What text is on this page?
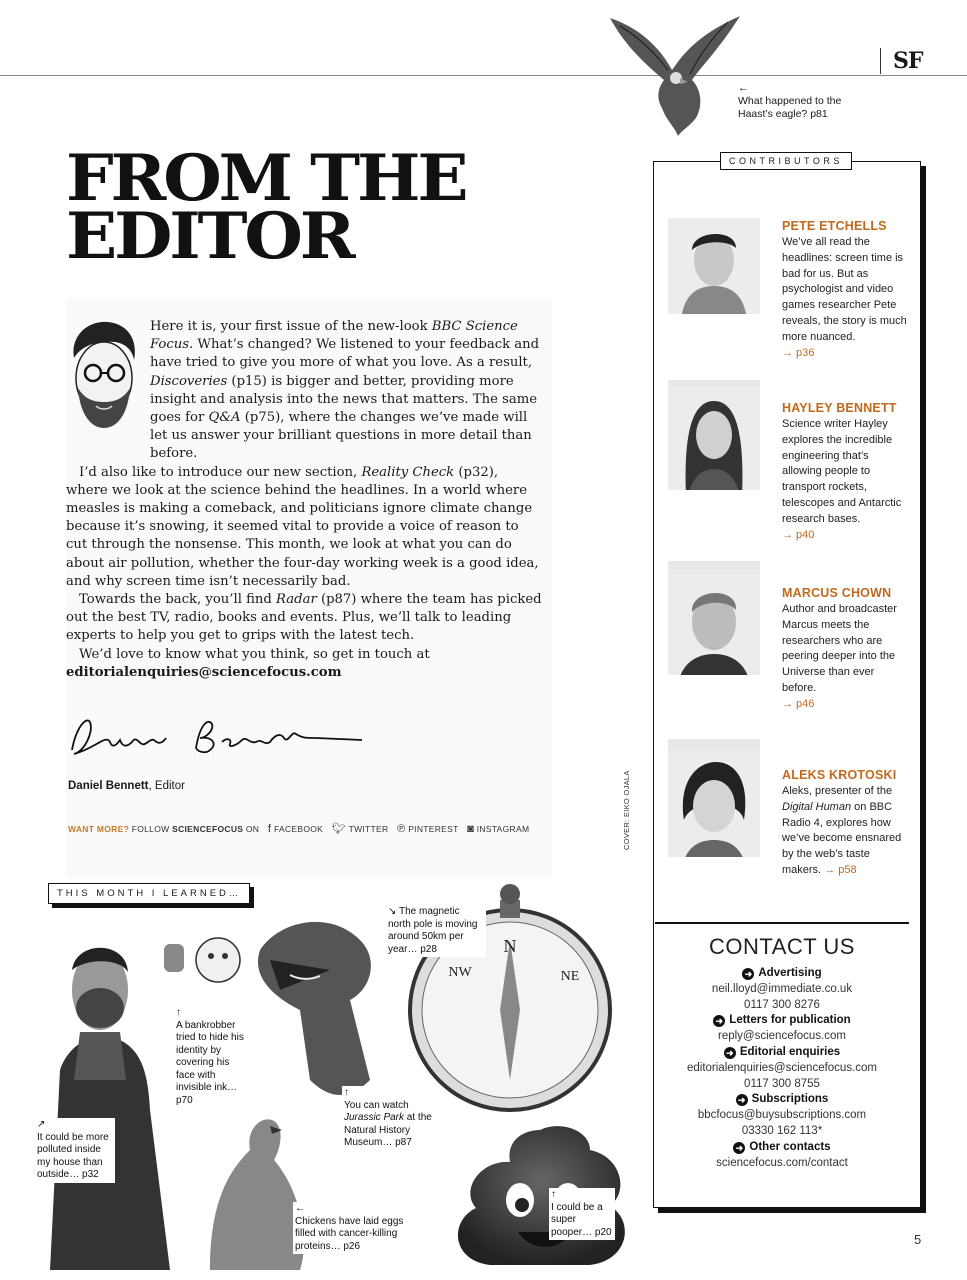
SF
←
What happened to the Haast’s eagle? p81
FROM THE
EDITOR

Here it is, your first issue of the new-look BBC Science Focus. What’s changed? We listened to your feedback and have tried to give you more of what you love. As a result, Discoveries (p15) is bigger and better, providing more insight and analysis into the news that matters. The same goes for Q&A (p75), where the changes we’ve made will let us answer your brilliant questions in more detail than before.

I’d also like to introduce our new section, Reality Check (p32), where we look at the science behind the headlines. In a world where measles is making a comeback, and politicians ignore climate change because it’s snowing, it seemed vital to provide a voice of reason to cut through the nonsense. This month, we look at what you can do about air pollution, whether the four-day working week is a good idea, and why screen time isn’t necessarily bad.

Towards the back, you’ll find Radar (p87) where the team has picked out the best TV, radio, books and events. Plus, we’ll talk to leading experts to help you get to grips with the latest tech.

We’d love to know what you think, so get in touch at

editorialenquiries@sciencefocus.com
Daniel Bennett, Editor
WANT MORE? FOLLOW SCIENCEFOCUS ON f FACEBOOK 🐦︎ TWITTER ℗ PINTEREST ◙ INSTAGRAM	COVER: EIKO OJALA
N
NE
NW
THIS MONTH I LEARNED…
↘ The magnetic north pole is moving around 50km per year… p28
↑
A bankrobber tried to hide his identity by covering his face with invisible ink… p70
↑
You can watch Jurassic Park at the Natural History Museum… p87
↗
It could be more polluted inside my house than outside… p32
←
Chickens have laid eggs filled with cancer-killing proteins… p26
↑
I could be a super pooper… p20
CONTRIBUTORS
PETE ETCHELLS
We’ve all read the headlines: screen time is bad for us. But as psychologist and video games researcher Pete reveals, the story is much more nuanced.
→ p36
HAYLEY BENNETT
Science writer Hayley explores the incredible engineering that’s allowing people to transport rockets, telescopes and Antarctic research bases.
→ p40
MARCUS CHOWN
Author and broadcaster Marcus meets the researchers who are peering deeper into the Universe than ever before.
→ p46
ALEKS KROTOSKI
Aleks, presenter of the Digital Human on BBC Radio 4, explores how we’ve become ensnared by the web’s taste makers. → p58
CONTACT US
➜ Advertising
neil.lloyd@immediate.co.uk
0117 300 8276
➜ Letters for publication
reply@sciencefocus.com
➜ Editorial enquiries
editorialenquiries@sciencefocus.com
0117 300 8755
➜ Subscriptions
bbcfocus@buysubscriptions.com
03330 162 113*
➜ Other contacts
sciencefocus.com/contact
5
